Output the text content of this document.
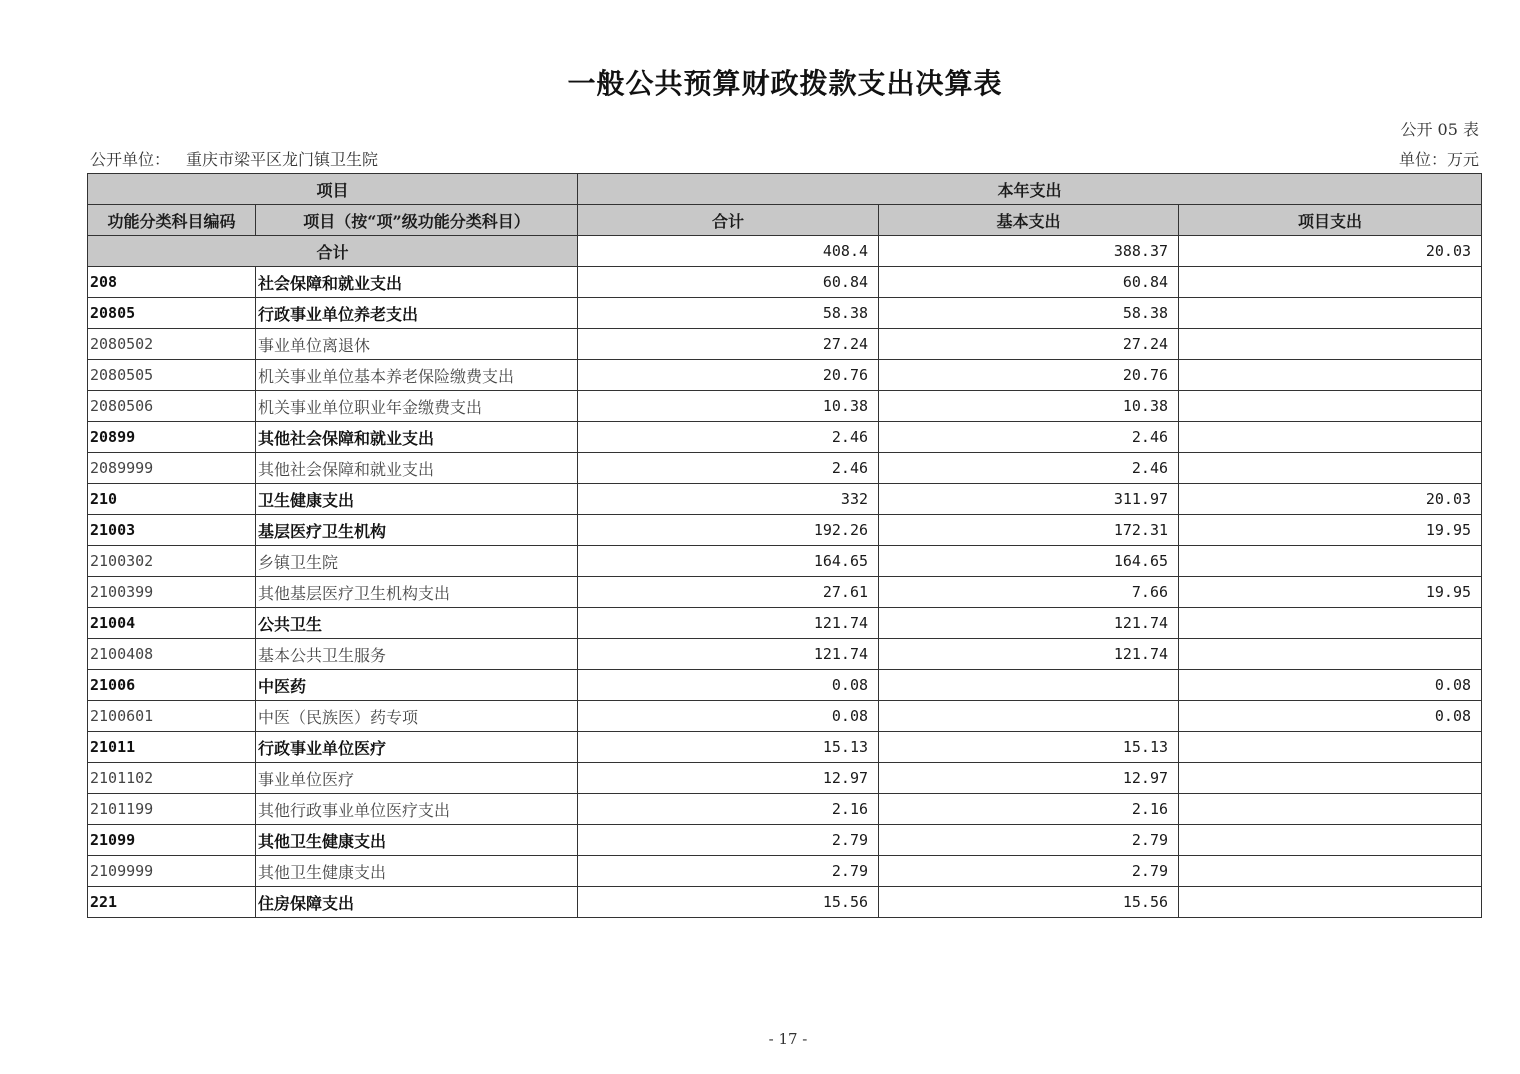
一般公共预算财政拨款支出决算表
公开 05 表
公开单位： 重庆市梁平区龙门镇卫生院	单位：万元
项目		本年支出		
功能分类科目编码	项目（按“项”级功能分类科目）	合计	基本支出	项目支出
合计		408.4	388.37	20.03
208	社会保障和就业支出	60.84	60.84	
20805	行政事业单位养老支出	58.38	58.38	
2080502	事业单位离退休	27.24	27.24	
2080505	机关事业单位基本养老保险缴费支出	20.76	20.76	
2080506	机关事业单位职业年金缴费支出	10.38	10.38	
20899	其他社会保障和就业支出	2.46	2.46	
2089999	其他社会保障和就业支出	2.46	2.46	
210	卫生健康支出	332	311.97	20.03
21003	基层医疗卫生机构	192.26	172.31	19.95
2100302	乡镇卫生院	164.65	164.65	
2100399	其他基层医疗卫生机构支出	27.61	7.66	19.95
21004	公共卫生	121.74	121.74	
2100408	基本公共卫生服务	121.74	121.74	
21006	中医药	0.08		0.08
2100601	中医（民族医）药专项	0.08		0.08
21011	行政事业单位医疗	15.13	15.13	
2101102	事业单位医疗	12.97	12.97	
2101199	其他行政事业单位医疗支出	2.16	2.16	
21099	其他卫生健康支出	2.79	2.79	
2109999	其他卫生健康支出	2.79	2.79	
221	住房保障支出	15.56	15.56	
- 17 -
